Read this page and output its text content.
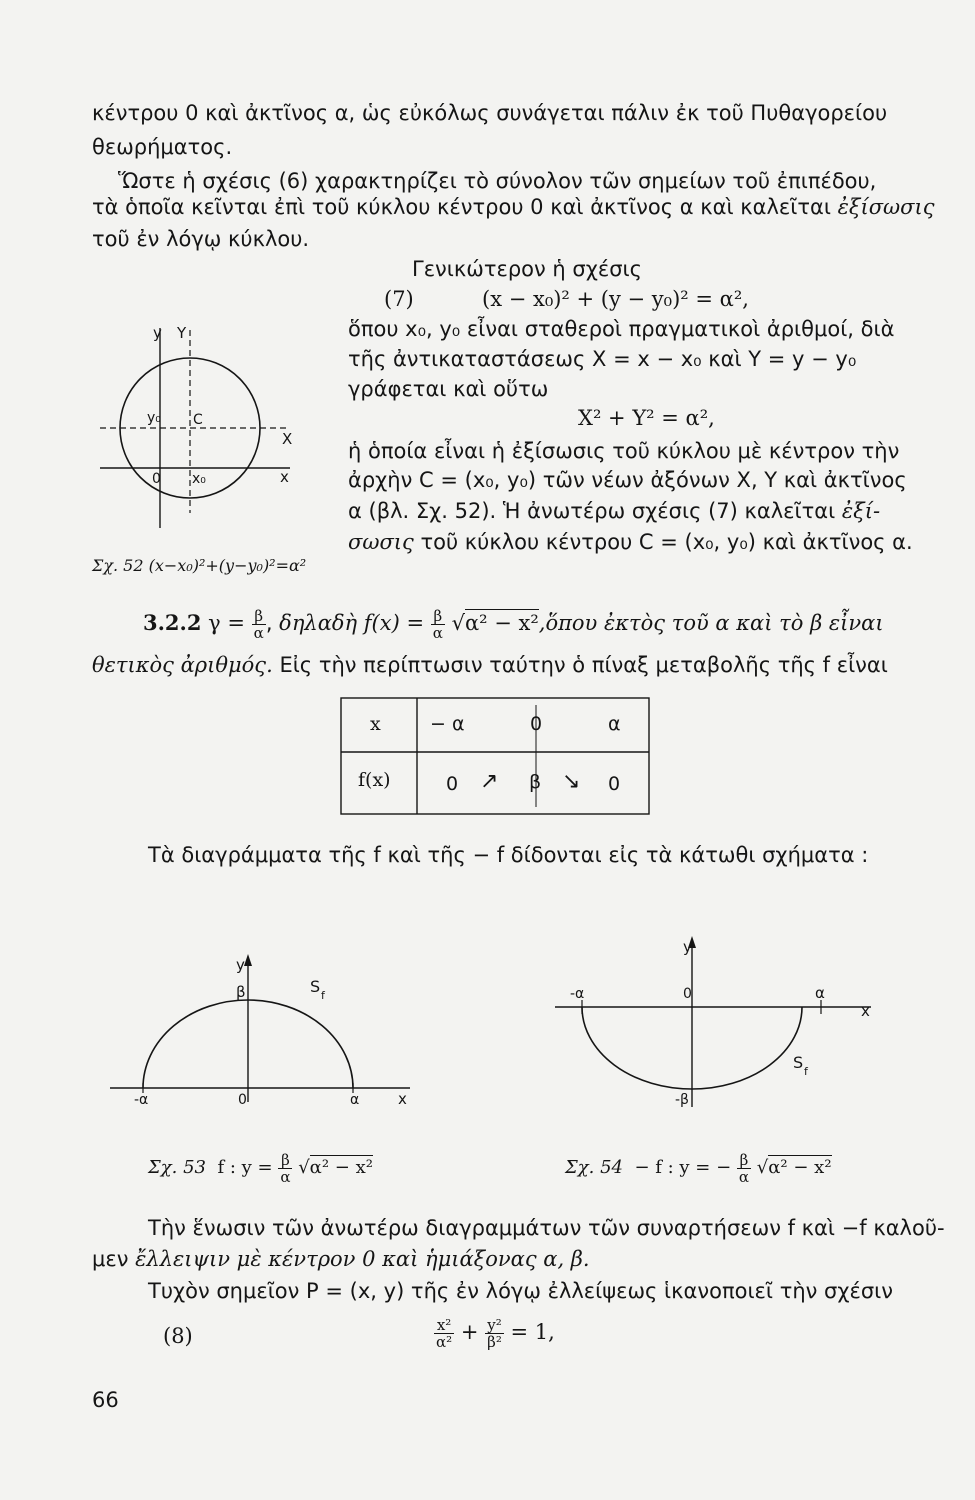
κέντρου 0 καὶ ἀκτῖνος α, ὡς εὐκόλως συνάγεται πάλιν ἐκ τοῦ Πυθαγορείου
θεωρήματος.
Ὥστε ἡ σχέσις (6) χαρακτηρίζει τὸ σύνολον τῶν σημείων τοῦ ἐπιπέδου,
τὰ ὁποῖα κεῖνται ἐπὶ τοῦ κύκλου κέντρου 0 καὶ ἀκτῖνος α καὶ καλεῖται ἐξίσωσις
τοῦ ἐν λόγῳ κύκλου.
Γενικώτερον ἡ σχέσις
(7)	(x − x₀)² + (y − y₀)² = α²,
ὅπου x₀, y₀ εἶναι σταθεροὶ πραγματικοὶ ἀριθμοί, διὰ
τῆς ἀντικαταστάσεως X = x − x₀ καὶ Y = y − y₀
γράφεται καὶ οὕτω
X² + Y² = α²,
ἡ ὁποία εἶναι ἡ ἐξίσωσις τοῦ κύκλου μὲ κέντρον τὴν
ἀρχὴν C = (x₀, y₀) τῶν νέων ἀξόνων X, Y καὶ ἀκτῖνος
α (βλ. Σχ. 52). Ἡ ἀνωτέρω σχέσις (7) καλεῖται ἐξί-
σωσις τοῦ κύκλου κέντρου C = (x₀, y₀) καὶ ἀκτῖνος α.
y Y
y₀ C
X
0 x₀	x
Σχ. 52 (x−x₀)²+(y−y₀)²=α²
3.2.2 $\gamma = \frac{\beta}{\alpha}$ , δηλαδὴ $f(x) = \frac{\beta}{\alpha} √\alpha^2$ − x²,ὅπου ἐκτὸς τοῦ α καὶ τὸ β εἶναι
θετικὸς ἀριθμός. Εἰς τὴν περίπτωσιν ταύτην ὁ πίναξ μεταβολῆς τῆς f εἶναι
x	− α	0	α
f(x)	0 ↗ β ↘ 0
Τὰ διαγράμματα τῆς f καὶ τῆς − f δίδονται εἰς τὰ κάτωθι σχήματα :
y
β	S f
-α	0	α	x
Σχ. 53 f : $y = \frac{\beta}{\alpha} √\alpha^2 - x^2$
y
-α	0	α
x
S f
-β
Σχ. 54 − f : y = − $\frac{\beta}{\alpha} √\alpha^2 - x^2$
Τὴν ἕνωσιν τῶν ἀνωτέρω διαγραμμάτων τῶν συναρτήσεων f καὶ −f καλοῦ-
μεν ἔλλειψιν μὲ κέντρον 0 καὶ ἡμιάξονας α, β.
Τυχὸν σημεῖον P = (x, y) τῆς ἐν λόγῳ ἐλλείψεως ἱκανοποιεῖ τὴν σχέσιν
(8)	$\frac{\text{x²}}{\text{α²}} + \frac{\text{y²}}{\text{β²}} = 1$,
66
